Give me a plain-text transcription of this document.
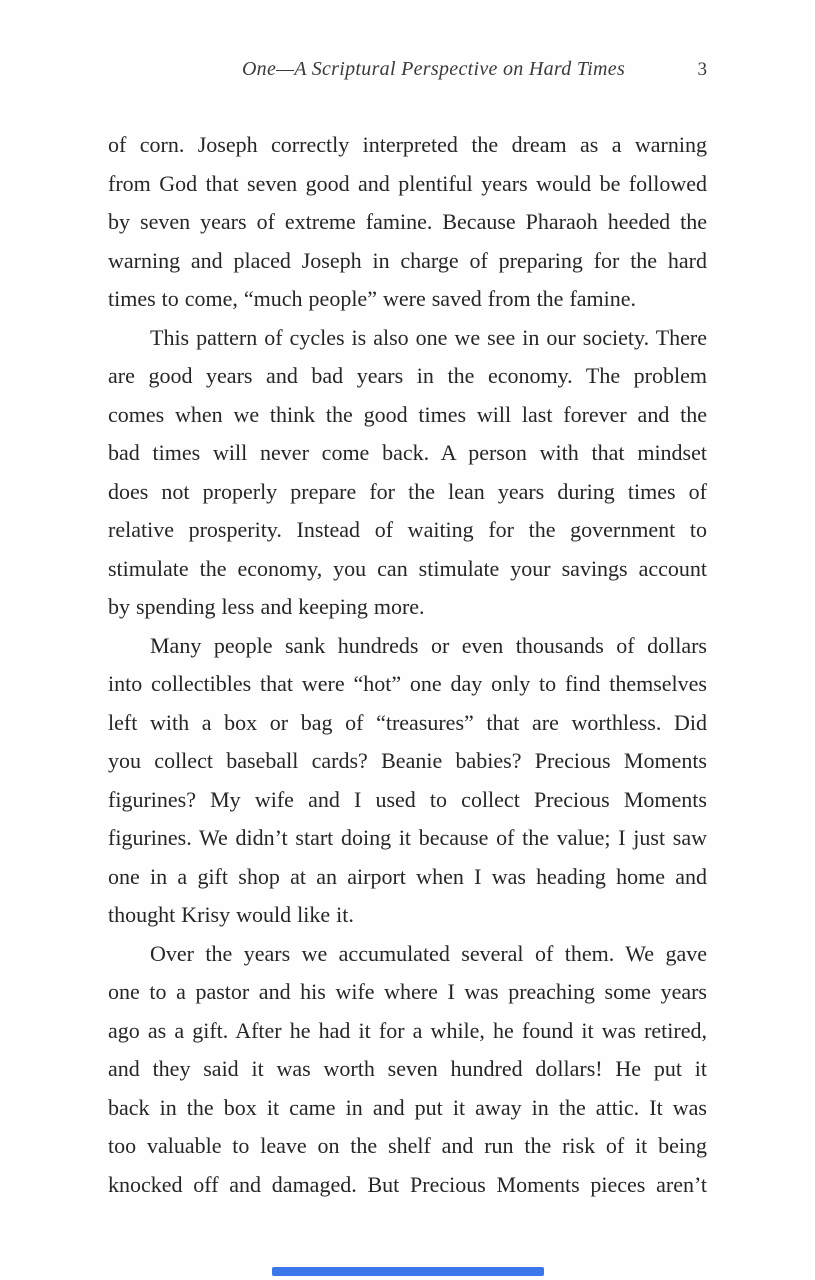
One—A Scriptural Perspective on Hard Times	3

of corn. Joseph correctly interpreted the dream as a warning
from God that seven good and plentiful years would be followed
by seven years of extreme famine. Because Pharaoh heeded the
warning and placed Joseph in charge of preparing for the hard
times to come, “much people” were saved from the famine.

This pattern of cycles is also one we see in our society. There
are good years and bad years in the economy. The problem
comes when we think the good times will last forever and the
bad times will never come back. A person with that mindset
does not properly prepare for the lean years during times of
relative prosperity. Instead of waiting for the government to
stimulate the economy, you can stimulate your savings account
by spending less and keeping more.

Many people sank hundreds or even thousands of dollars
into collectibles that were “hot” one day only to find themselves
left with a box or bag of “treasures” that are worthless. Did
you collect baseball cards? Beanie babies? Precious Moments
figurines? My wife and I used to collect Precious Moments
figurines. We didn’t start doing it because of the value; I just saw
one in a gift shop at an airport when I was heading home and
thought Krisy would like it.

Over the years we accumulated several of them. We gave
one to a pastor and his wife where I was preaching some years
ago as a gift. After he had it for a while, he found it was retired,
and they said it was worth seven hundred dollars! He put it
back in the box it came in and put it away in the attic. It was
too valuable to leave on the shelf and run the risk of it being
knocked off and damaged. But Precious Moments pieces aren’t
